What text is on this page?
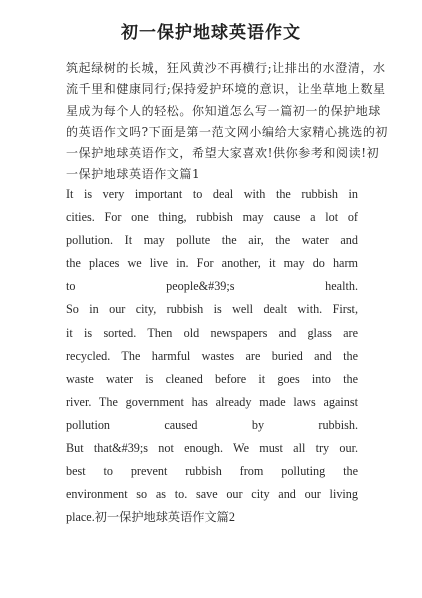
初一保护地球英语作文
筑起绿树的长城，狂风黄沙不再横行;让排出的水澄清，水
流千里和健康同行;保持爱护环境的意识，让坐草地上数星
星成为每个人的轻松。你知道怎么写一篇初一的保护地球
的英语作文吗?下面是第一范文网小编给大家精心挑选的初
一保护地球英语作文，希望大家喜欢!供你参考和阅读!初
一保护地球英语作文篇1
It is very important to deal with the rubbish in
cities. For one thing, rubbish may cause a lot of
pollution. It may pollute the air, the water and
the places we live in. For another, it may do harm
to people&#39;s health.
So in our city, rubbish is well dealt with. First,
it is sorted. Then old newspapers and glass are
recycled. The harmful wastes are buried and the
waste water is cleaned before it goes into the
river. The government has already made laws against
pollution caused by rubbish.
But that&#39;s not enough. We must all try our.
best to prevent rubbish from polluting the
environment so as to. save our city and our living
place.初一保护地球英语作文篇2
